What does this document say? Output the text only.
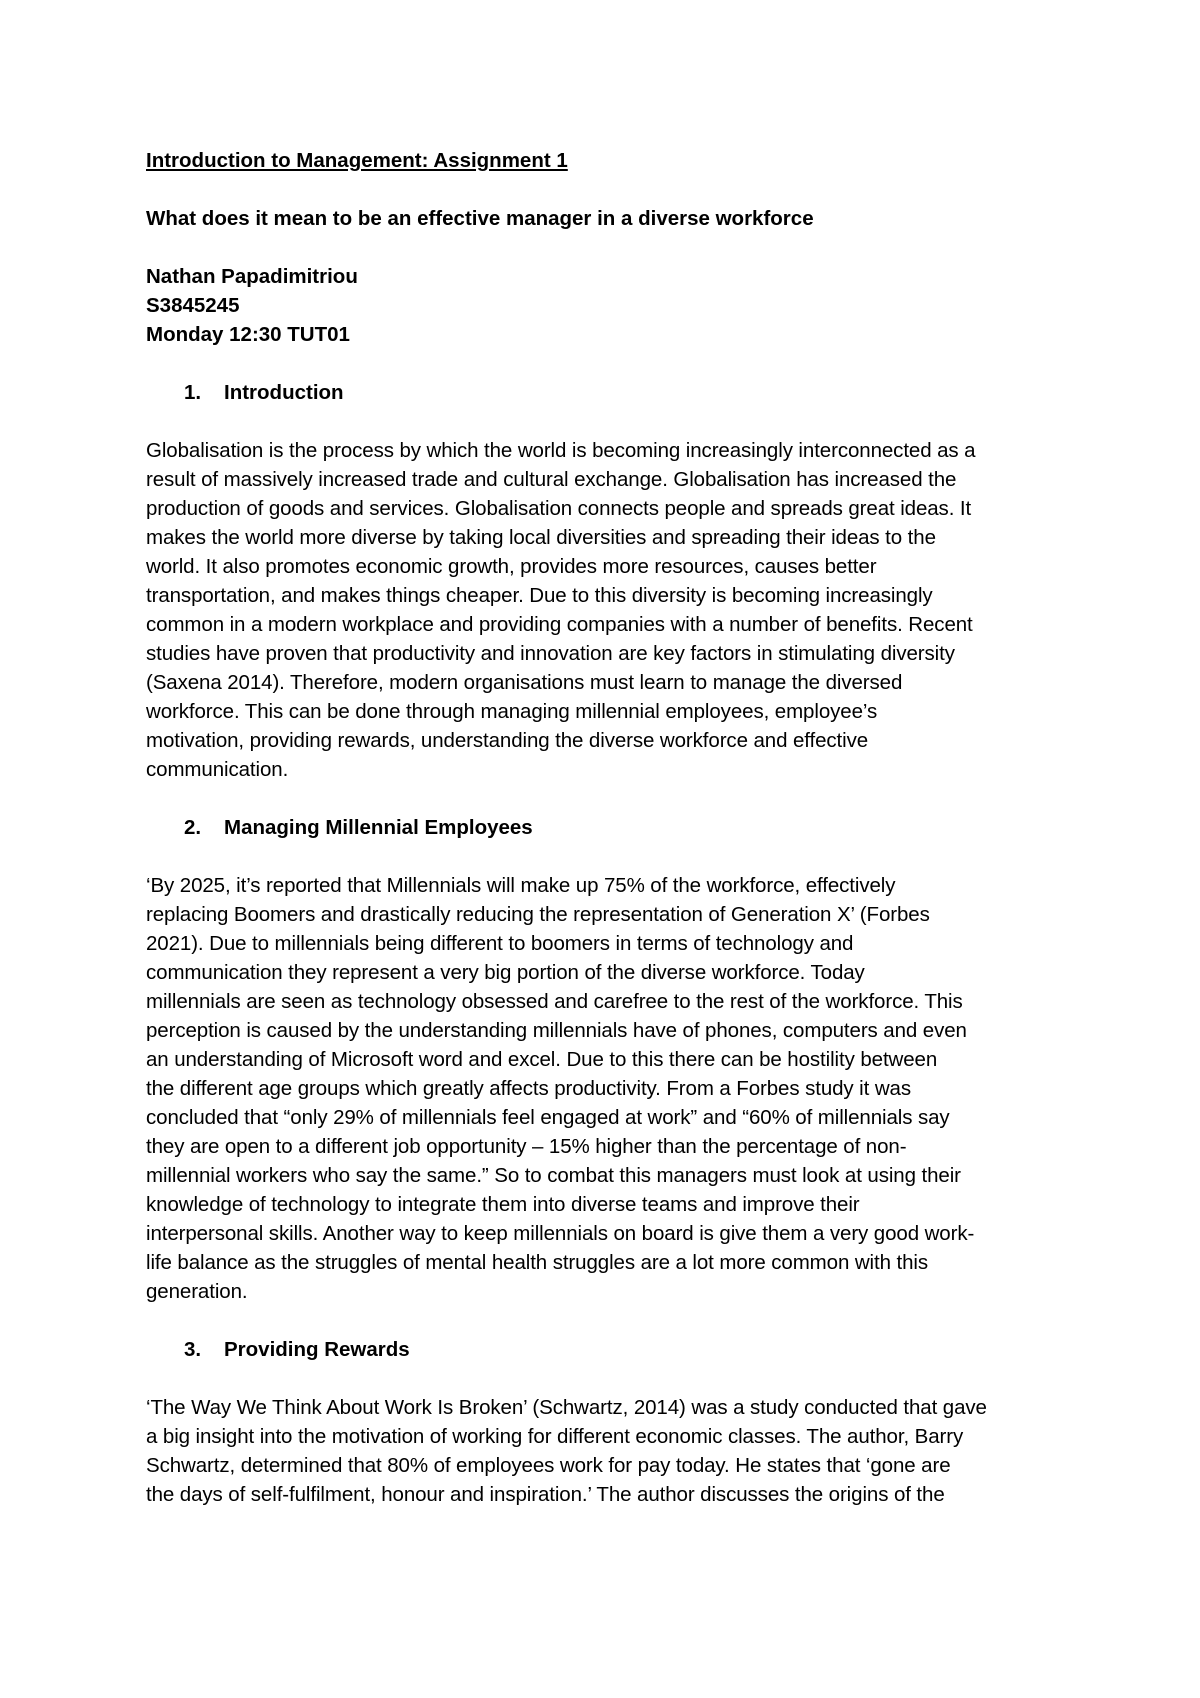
Introduction to Management: Assignment 1

What does it mean to be an effective manager in a diverse workforce

Nathan Papadimitriou

S3845245

Monday 12:30 TUT01

1. Introduction

Globalisation is the process by which the world is becoming increasingly interconnected as a

result of massively increased trade and cultural exchange. Globalisation has increased the

production of goods and services. Globalisation connects people and spreads great ideas. It

makes the world more diverse by taking local diversities and spreading their ideas to the

world. It also promotes economic growth, provides more resources, causes better

transportation, and makes things cheaper. Due to this diversity is becoming increasingly

common in a modern workplace and providing companies with a number of benefits. Recent

studies have proven that productivity and innovation are key factors in stimulating diversity

(Saxena 2014). Therefore, modern organisations must learn to manage the diversed

workforce. This can be done through managing millennial employees, employee’s

motivation, providing rewards, understanding the diverse workforce and effective

communication.

2. Managing Millennial Employees

‘By 2025, it’s reported that Millennials will make up 75% of the workforce, effectively

replacing Boomers and drastically reducing the representation of Generation X’ (Forbes

2021). Due to millennials being different to boomers in terms of technology and

communication they represent a very big portion of the diverse workforce. Today

millennials are seen as technology obsessed and carefree to the rest of the workforce. This

perception is caused by the understanding millennials have of phones, computers and even

an understanding of Microsoft word and excel. Due to this there can be hostility between

the different age groups which greatly affects productivity. From a Forbes study it was

concluded that “only 29% of millennials feel engaged at work” and “60% of millennials say

they are open to a different job opportunity – 15% higher than the percentage of non-

millennial workers who say the same.” So to combat this managers must look at using their

knowledge of technology to integrate them into diverse teams and improve their

interpersonal skills. Another way to keep millennials on board is give them a very good work-

life balance as the struggles of mental health struggles are a lot more common with this

generation.

3. Providing Rewards

‘The Way We Think About Work Is Broken’ (Schwartz, 2014) was a study conducted that gave

a big insight into the motivation of working for different economic classes. The author, Barry

Schwartz, determined that 80% of employees work for pay today. He states that ‘gone are

the days of self-fulfilment, honour and inspiration.’ The author discusses the origins of the
